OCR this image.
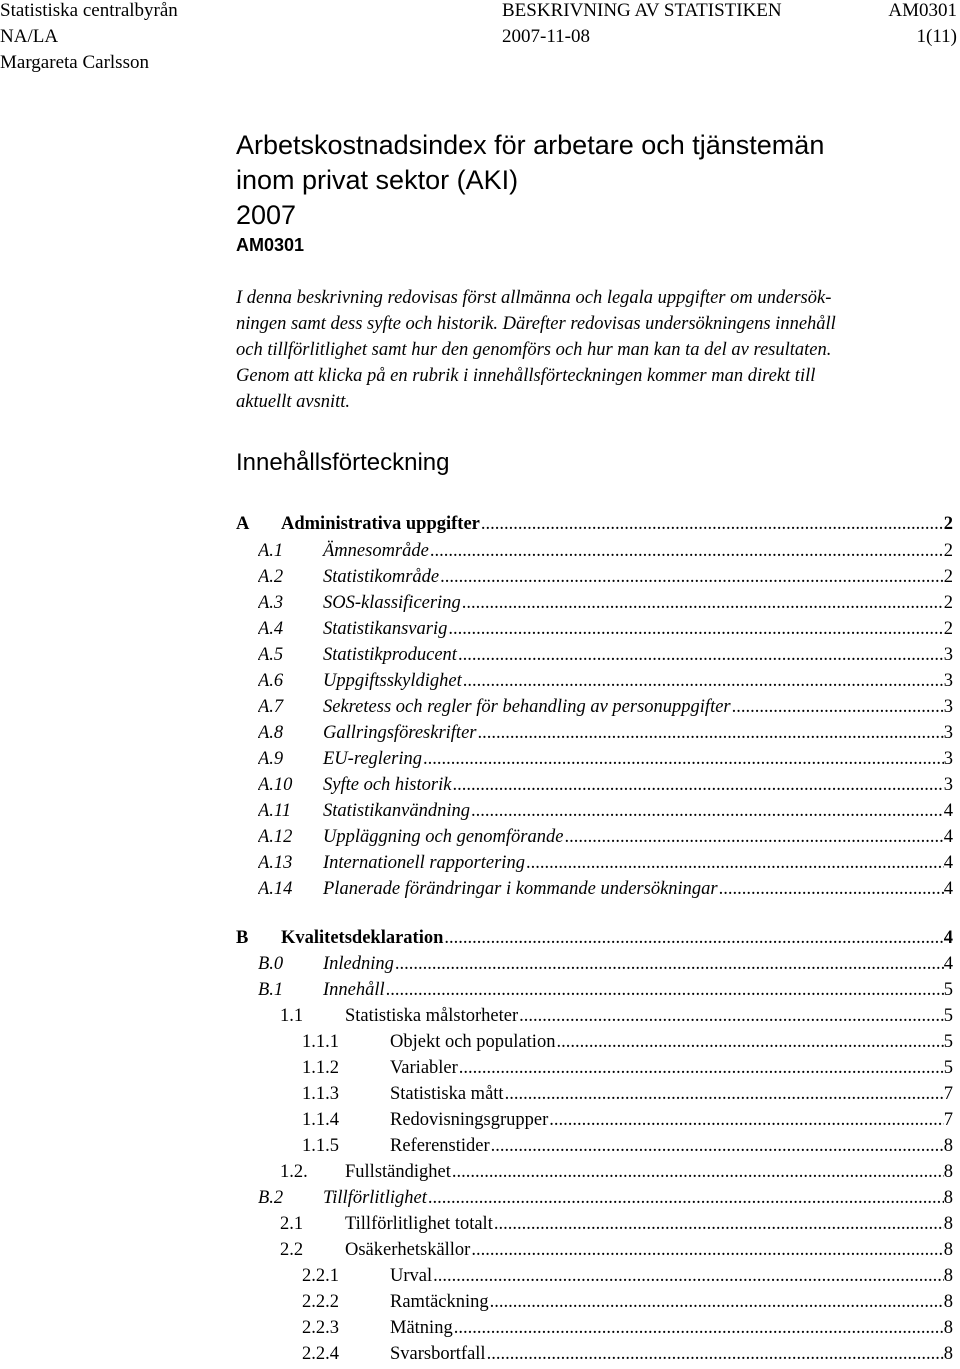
Statistiska centralbyrån	BESKRIVNING AV STATISTIKEN	AM0301
NA/LA	2007-11-08	1(11)
Margareta Carlsson
Arbetskostnadsindex för arbetare och tjänstemän
inom privat sektor (AKI)
2007
AM0301
I denna beskrivning redovisas först allmänna och legala uppgifter om undersök-
ningen samt dess syfte och historik. Därefter redovisas undersökningens innehåll
och tillförlitlighet samt hur den genomförs och hur man kan ta del av resultaten.
Genom att klicka på en rubrik i innehållsförteckningen kommer man direkt till
aktuellt avsnitt.
Innehållsförteckning
A	Administrativa uppgifter .....	2
A.1	Ämnesområde .....	2
A.2	Statistikområde .....	2
A.3	SOS-klassificering .....	2
A.4	Statistikansvarig .....	2
A.5	Statistikproducent .....	3
A.6	Uppgiftsskyldighet .....	3
A.7	Sekretess och regler för behandling av personuppgifter .....	3
A.8	Gallringsföreskrifter .....	3
A.9	EU-reglering .....	3
A.10	Syfte och historik .....	3
A.11	Statistikanvändning .....	4
A.12	Uppläggning och genomförande .....	4
A.13	Internationell rapportering .....	4
A.14	Planerade förändringar i kommande undersökningar .....	4
B	Kvalitetsdeklaration .....	4
B.0	Inledning .....	4
B.1	Innehåll .....	5
1.1	Statistiska målstorheter .....	5
1.1.1	Objekt och population .....	5
1.1.2	Variabler .....	5
1.1.3	Statistiska mått .....	7
1.1.4	Redovisningsgrupper .....	7
1.1.5	Referenstider .....	8
1.2.	Fullständighet .....	8
B.2	Tillförlitlighet .....	8
2.1	Tillförlitlighet totalt .....	8
2.2	Osäkerhetskällor .....	8
2.2.1	Urval .....	8
2.2.2	Ramtäckning .....	8
2.2.3	Mätning .....	8
2.2.4	Svarsbortfall .....	8
